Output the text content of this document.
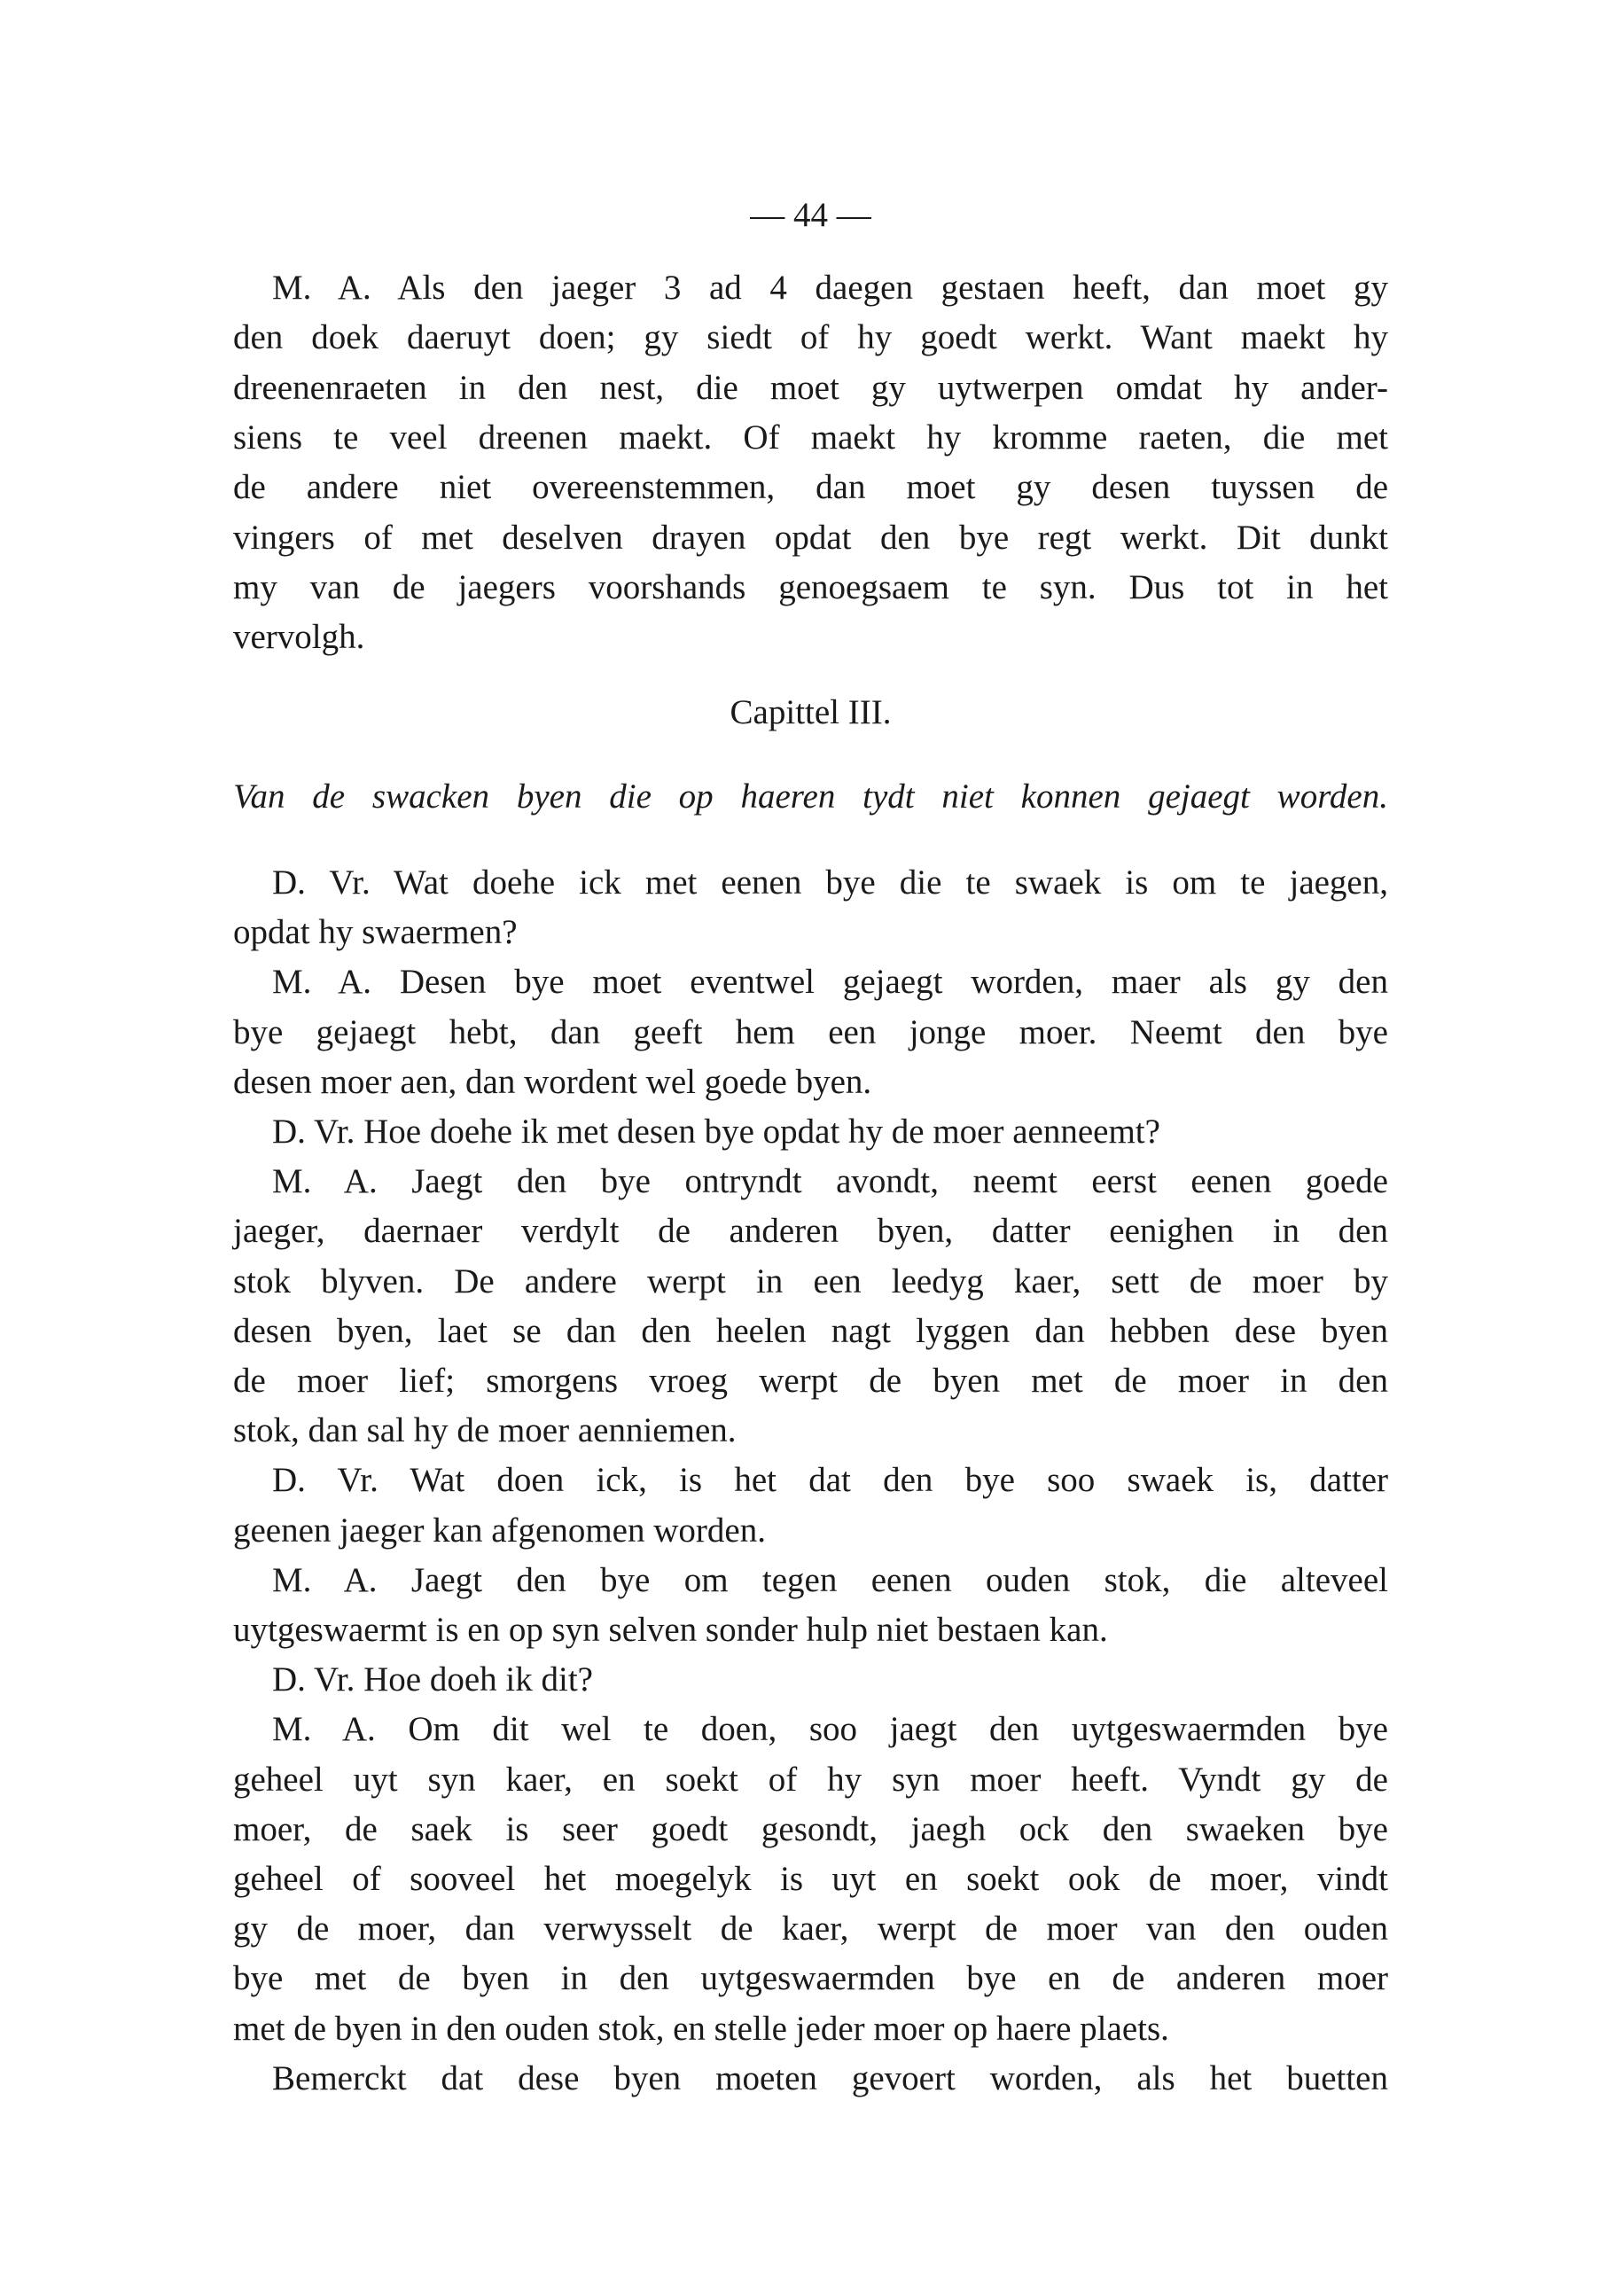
— 44 —
M. A. Als den jaeger 3 ad 4 daegen gestaen heeft, dan moet gy
den doek daeruyt doen; gy siedt of hy goedt werkt. Want maekt hy
dreenenraeten in den nest, die moet gy uytwerpen omdat hy ander-
siens te veel dreenen maekt. Of maekt hy kromme raeten, die met
de andere niet overeenstemmen, dan moet gy desen tuyssen de
vingers of met deselven drayen opdat den bye regt werkt. Dit dunkt
my van de jaegers voorshands genoegsaem te syn. Dus tot in het
vervolgh.
Capittel III.
Van de swacken byen die op haeren tydt niet konnen gejaegt worden.
D. Vr. Wat doehe ick met eenen bye die te swaek is om te jaegen,
opdat hy swaermen?
M. A. Desen bye moet eventwel gejaegt worden, maer als gy den
bye gejaegt hebt, dan geeft hem een jonge moer. Neemt den bye
desen moer aen, dan wordent wel goede byen.
D. Vr. Hoe doehe ik met desen bye opdat hy de moer aenneemt?
M. A. Jaegt den bye ontryndt avondt, neemt eerst eenen goede
jaeger, daernaer verdylt de anderen byen, datter eenighen in den
stok blyven. De andere werpt in een leedyg kaer, sett de moer by
desen byen, laet se dan den heelen nagt lyggen dan hebben dese byen
de moer lief; smorgens vroeg werpt de byen met de moer in den
stok, dan sal hy de moer aenniemen.
D. Vr. Wat doen ick, is het dat den bye soo swaek is, datter
geenen jaeger kan afgenomen worden.
M. A. Jaegt den bye om tegen eenen ouden stok, die alteveel
uytgeswaermt is en op syn selven sonder hulp niet bestaen kan.
D. Vr. Hoe doeh ik dit?
M. A. Om dit wel te doen, soo jaegt den uytgeswaermden bye
geheel uyt syn kaer, en soekt of hy syn moer heeft. Vyndt gy de
moer, de saek is seer goedt gesondt, jaegh ock den swaeken bye
geheel of sooveel het moegelyk is uyt en soekt ook de moer, vindt
gy de moer, dan verwysselt de kaer, werpt de moer van den ouden
bye met de byen in den uytgeswaermden bye en de anderen moer
met de byen in den ouden stok, en stelle jeder moer op haere plaets.
Bemerckt dat dese byen moeten gevoert worden, als het buetten
